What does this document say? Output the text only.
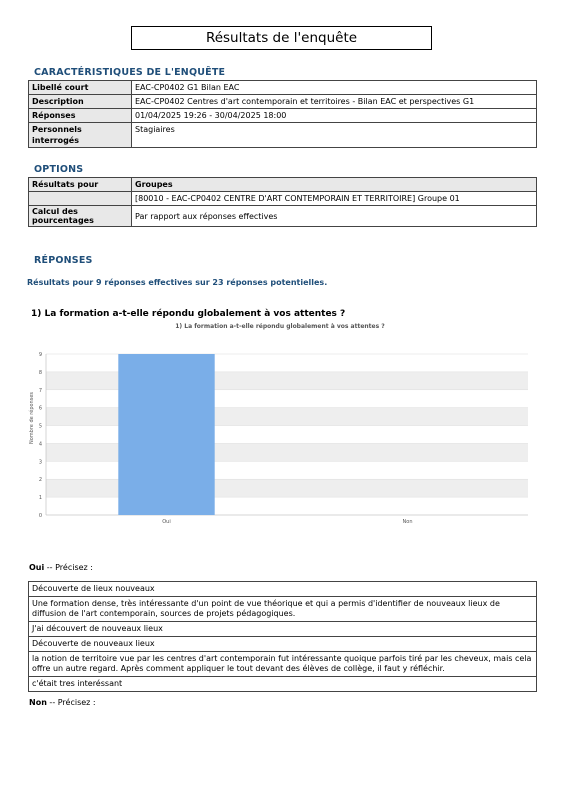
Résultats de l'enquête
CARACTÉRISTIQUES DE L'ENQUÊTE
Libellé court	EAC-CP0402 G1 Bilan EAC
Description	EAC-CP0402 Centres d'art contemporain et territoires - Bilan EAC et perspectives G1
Réponses	01/04/2025 19:26 - 30/04/2025 18:00
Personnels interrogés	Stagiaires
OPTIONS
Résultats pour	Groupes
	[80010 - EAC-CP0402 CENTRE D'ART CONTEMPORAIN ET TERRITOIRE] Groupe 01
Calcul des pourcentages	Par rapport aux réponses effectives
RÉPONSES
Résultats pour 9 réponses effectives sur 23 réponses potentielles.
1) La formation a-t-elle répondu globalement à vos attentes ?
1) La formation a-t-elle répondu globalement à vos attentes ?
Nombre de réponses
0
1
2
3
4
5
6
7
8
9
Oui	Non
Oui -- Précisez :
Découverte de lieux nouveaux
Une formation dense, très intéressante d'un point de vue théorique et qui a permis d'identifier de nouveaux lieux de diffusion de l'art contemporain, sources de projets pédagogiques.
J'ai découvert de nouveaux lieux
Découverte de nouveaux lieux
la notion de territoire vue par les centres d'art contemporain fut intéressante quoique parfois tiré par les cheveux, mais cela offre un autre regard. Après comment appliquer le tout devant des élèves de collège, il faut y réfléchir.
c'était tres interéssant
Non -- Précisez :
